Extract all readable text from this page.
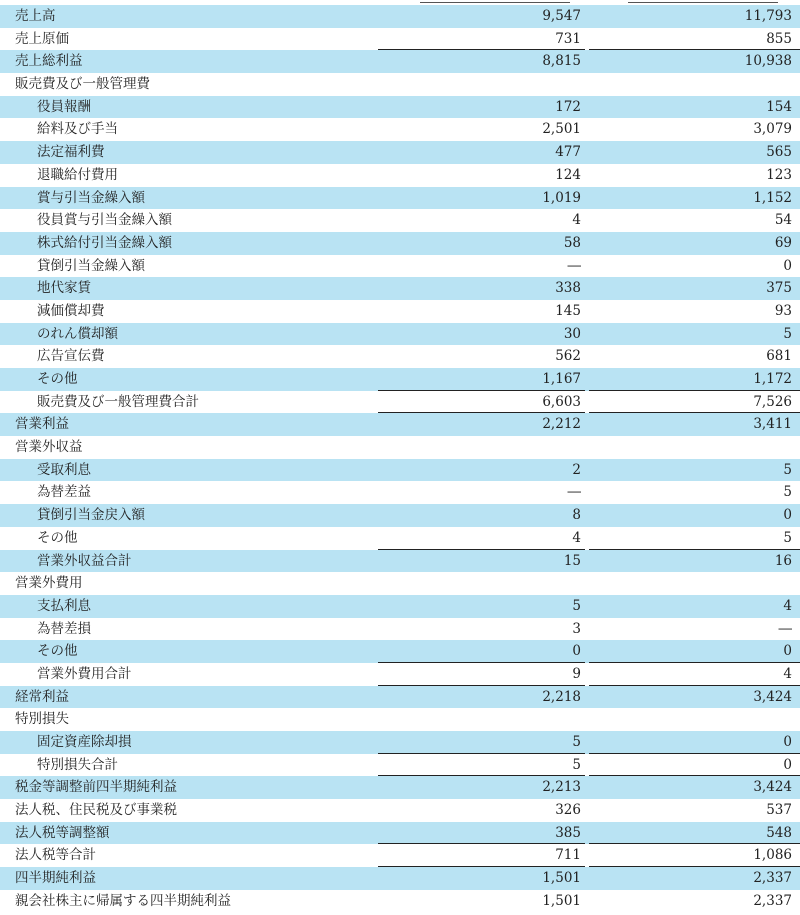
売上高	9,547	11,793
売上原価	731	855
売上総利益	8,815	10,938
販売費及び一般管理費
役員報酬	172	154
給料及び手当	2,501	3,079
法定福利費	477	565
退職給付費用	124	123
賞与引当金繰入額	1,019	1,152
役員賞与引当金繰入額	4	54
株式給付引当金繰入額	58	69
貸倒引当金繰入額	―	0
地代家賃	338	375
減価償却費	145	93
のれん償却額	30	5
広告宣伝費	562	681
その他	1,167	1,172
販売費及び一般管理費合計	6,603	7,526
営業利益	2,212	3,411
営業外収益
受取利息	2	5
為替差益	―	5
貸倒引当金戻入額	8	0
その他	4	5
営業外収益合計	15	16
営業外費用
支払利息	5	4
為替差損	3	―
その他	0	0
営業外費用合計	9	4
経常利益	2,218	3,424
特別損失
固定資産除却損	5	0
特別損失合計	5	0
税金等調整前四半期純利益	2,213	3,424
法人税、住民税及び事業税	326	537
法人税等調整額	385	548
法人税等合計	711	1,086
四半期純利益	1,501	2,337
親会社株主に帰属する四半期純利益	1,501	2,337
